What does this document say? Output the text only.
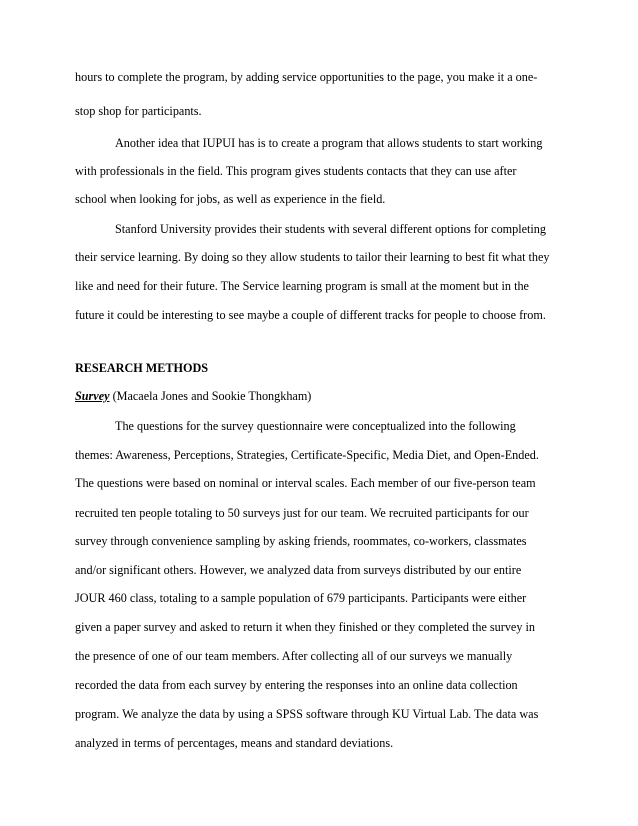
hours to complete the program, by adding service opportunities to the page, you make it a one-
stop shop for participants.
Another idea that IUPUI has is to create a program that allows students to start working
with professionals in the field. This program gives students contacts that they can use after
school when looking for jobs, as well as experience in the field.
Stanford University provides their students with several different options for completing
their service learning. By doing so they allow students to tailor their learning to best fit what they
like and need for their future. The Service learning program is small at the moment but in the
future it could be interesting to see maybe a couple of different tracks for people to choose from.
RESEARCH METHODS
Survey (Macaela Jones and Sookie Thongkham)
The questions for the survey questionnaire were conceptualized into the following
themes: Awareness, Perceptions, Strategies, Certificate-Specific, Media Diet, and Open-Ended.
The questions were based on nominal or interval scales. Each member of our five-person team
recruited ten people totaling to 50 surveys just for our team. We recruited participants for our
survey through convenience sampling by asking friends, roommates, co-workers, classmates
and/or significant others. However, we analyzed data from surveys distributed by our entire
JOUR 460 class, totaling to a sample population of 679 participants. Participants were either
given a paper survey and asked to return it when they finished or they completed the survey in
the presence of one of our team members. After collecting all of our surveys we manually
recorded the data from each survey by entering the responses into an online data collection
program. We analyze the data by using a SPSS software through KU Virtual Lab. The data was
analyzed in terms of percentages, means and standard deviations.
